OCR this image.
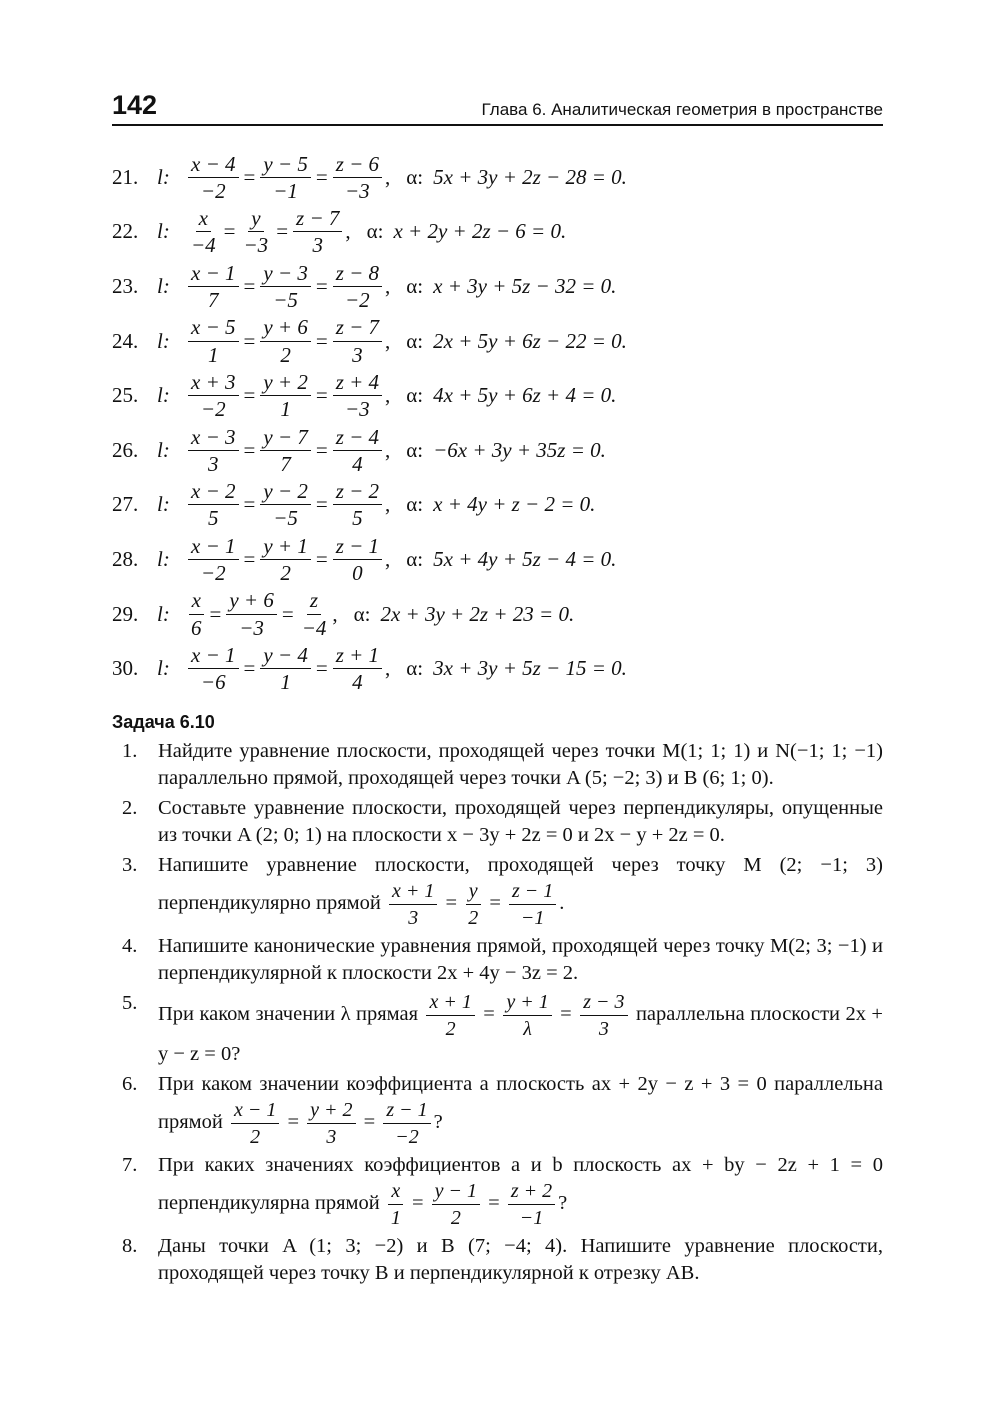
142	Глава 6. Аналитическая геометрия в пространстве
21. l: $\frac{x - 4}{-2} = \frac{y - 5}{-1} = \frac{z - 6}{-3}$ , α: 5x + 3y + 2z − 28 = 0.
22. l: $\frac{x}{-4} = \frac{y}{-3} = \frac{z - 7}{3}$ , α: x + 2y + 2z − 6 = 0.
23. l: $\frac{x - 1}{7} = \frac{y - 3}{-5} = \frac{z - 8}{-2}$ , α: x + 3y + 5z − 32 = 0.
24. l: $\frac{x - 5}{1} = \frac{y + 6}{2} = \frac{z - 7}{3}$ , α: 2x + 5y + 6z − 22 = 0.
25. l: $\frac{x + 3}{-2} = \frac{y + 2}{1} = \frac{z + 4}{-3}$ , α: 4x + 5y + 6z + 4 = 0.
26. l: $\frac{x - 3}{3} = \frac{y - 7}{7} = \frac{z - 4}{4}$ , α: −6x + 3y + 35z = 0.
27. l: $\frac{x - 2}{5} = \frac{y - 2}{-5} = \frac{z - 2}{5}$ , α: x + 4y + z − 2 = 0.
28. l: $\frac{x - 1}{-2} = \frac{y + 1}{2} = \frac{z - 1}{0}$ , α: 5x + 4y + 5z − 4 = 0.
29. l: $\frac{x}{6} = \frac{y + 6}{-3} = \frac{z}{-4}$ , α: 2x + 3y + 2z + 23 = 0.
30. l: $\frac{x - 1}{-6} = \frac{y - 4}{1} = \frac{z + 1}{4}$ , α: 3x + 3y + 5z − 15 = 0.
Задача 6.10
1.	Найдите уравнение плоскости, проходящей через точки M(1; 1; 1) и N(−1; 1; −1) параллельно прямой, проходящей через точки A (5; −2; 3) и B (6; 1; 0).
2.	Составьте уравнение плоскости, проходящей через перпендикуляры, опущенные из точки A (2; 0; 1) на плоскости x − 3y + 2z = 0 и 2x − y + 2z = 0.
3.	Напишите уравнение плоскости, проходящей через точку M (2; −1; 3) перпендикулярно прямой $\frac{x + 1}{3} = \frac{y}{2} = \frac{z - 1}{-1}$ .
4.	Напишите канонические уравнения прямой, проходящей через точку M(2; 3; −1) и перпендикулярной к плоскости 2x + 4y − 3z = 2.
5.
При каком значении λ прямая $\frac{x + 1}{2} = \frac{y + 1}{\lambda} = \frac{z - 3}{3}$ параллельна плоскости 2x + y − z = 0?
6.	При каком значении коэффициента a плоскость ax + 2y − z + 3 = 0 параллельна прямой $\frac{x - 1}{2} = \frac{y + 2}{3} = \frac{z - 1}{-2}$ ?
7.	При каких значениях коэффициентов a и b плоскость ax + by − 2z + 1 = 0 перпендикулярна прямой $\frac{x}{1} = \frac{y - 1}{2} = \frac{z + 2}{-1}$ ?
8.	Даны точки A (1; 3; −2) и B (7; −4; 4). Напишите уравнение плоскости, проходящей через точку B и перпендикулярной к отрезку AB.
